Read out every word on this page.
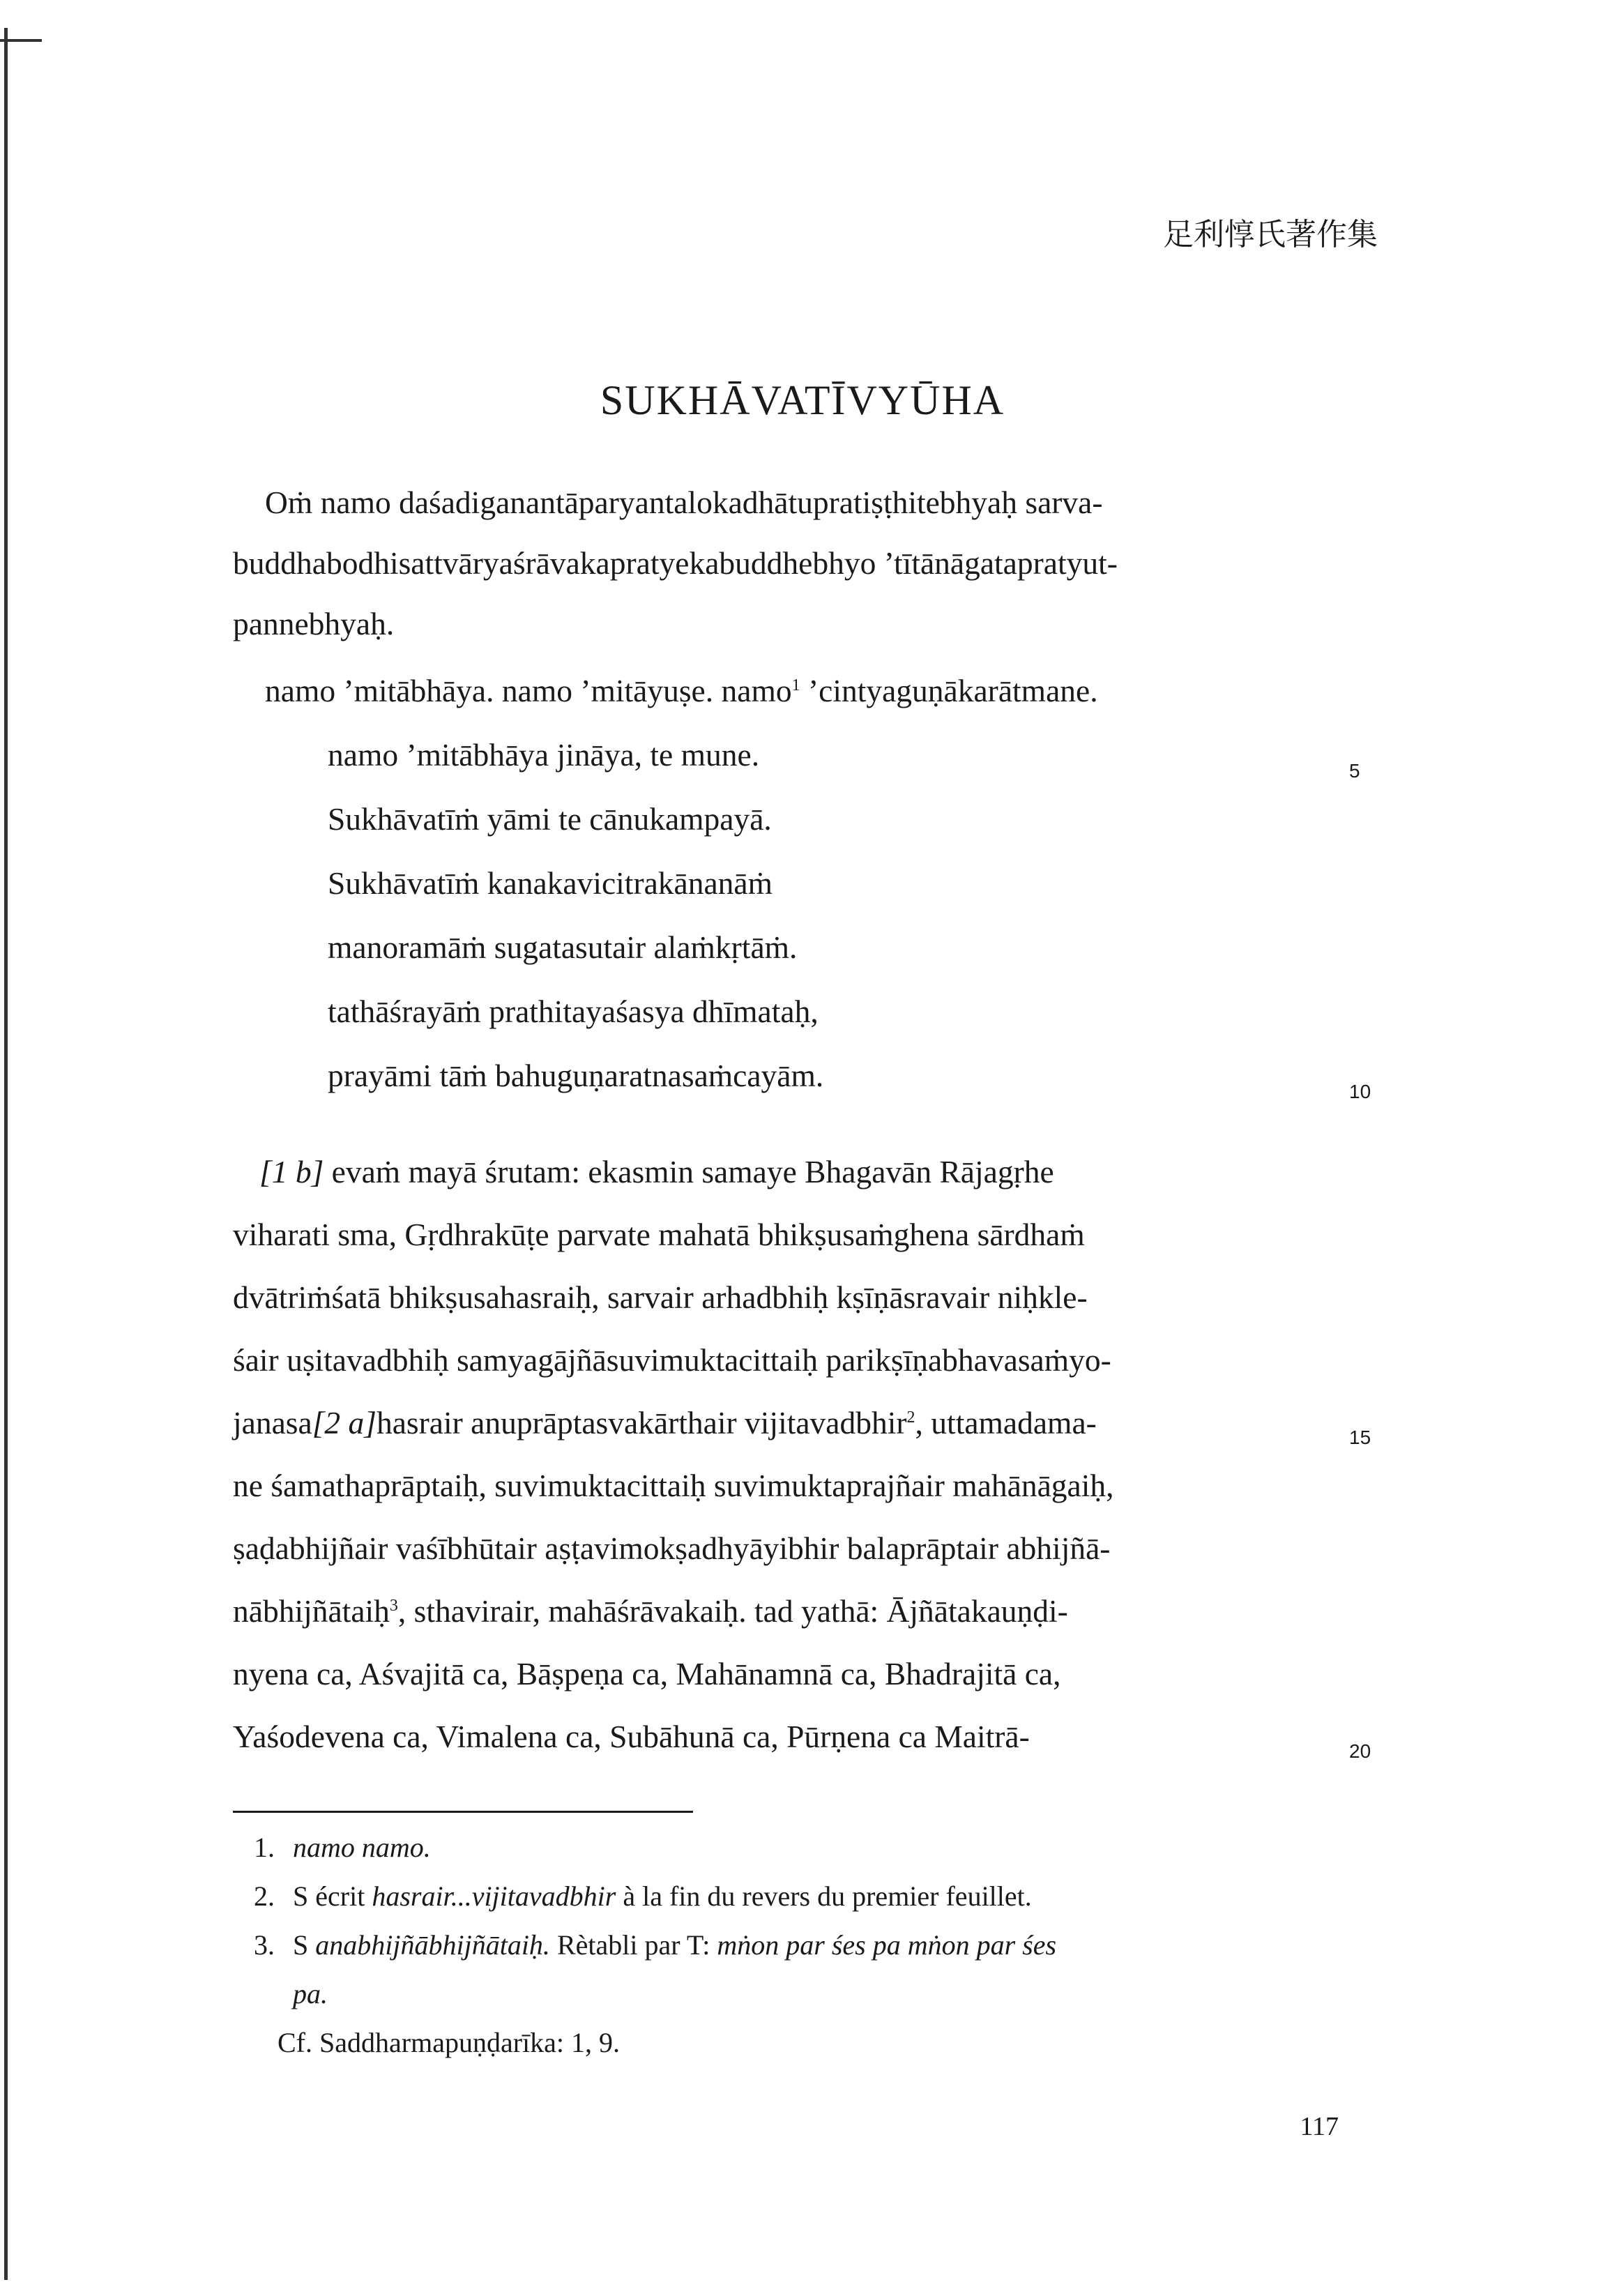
足利惇氏著作集
SUKHĀVATĪVYŪHA
Oṁ namo daśadiganantāparyantalokadhātupratiṣṭhitebhyaḥ sarva-
buddhabodhisattvāryaśrāvakapratyekabuddhebhyo ’tītānāgatapratyut-
pannebhyaḥ.
namo ’mitābhāya. namo ’mitāyuṣe. namo$^1$ ’cintyaguṇākarātmane.
namo ’mitābhāya jināya, te mune.	5
Sukhāvatīṁ yāmi te cānukampayā.
Sukhāvatīṁ kanakavicitrakānanāṁ
manoramāṁ sugatasutair alaṁkṛtāṁ.
tathāśrayāṁ prathitayaśasya dhīmataḥ,
prayāmi tāṁ bahuguṇaratnasaṁcayām.	10
[1 b] evaṁ mayā śrutam: ekasmin samaye Bhagavān Rājagṛhe
viharati sma, Gṛdhrakūṭe parvate mahatā bhikṣusaṁghena sārdhaṁ
dvātriṁśatā bhikṣusahasraiḥ, sarvair arhadbhiḥ kṣīṇāsravair niḥkle-
śair uṣitavadbhiḥ samyagājñāsuvimuktacittaiḥ parikṣīṇabhavasaṁyo-
janasa[2 a]hasrair anuprāptasvakārthair vijitavadbhir$^2$, uttamadama-	15
ne śamathaprāptaiḥ, suvimuktacittaiḥ suvimuktaprajñair mahānāgaiḥ,
ṣaḍabhijñair vaśībhūtair aṣṭavimokṣadhyāyibhir balaprāptair abhijñā-
nābhijñātaiḥ$^3$, sthavirair, mahāśrāvakaiḥ. tad yathā: Ājñātakauṇḍi-
nyena ca, Aśvajitā ca, Bāṣpeṇa ca, Mahānamnā ca, Bhadrajitā ca,
Yaśodevena ca, Vimalena ca, Subāhunā ca, Pūrṇena ca Maitrā-	20
1. namo namo.
2. S écrit hasrair...vijitavadbhir à la fin du revers du premier feuillet.
3. S anabhijñābhijñātaiḥ. Rètabli par T: mṅon par śes pa mṅon par śes
pa.
Cf. Saddharmapuṇḍarīka: 1, 9.
117
